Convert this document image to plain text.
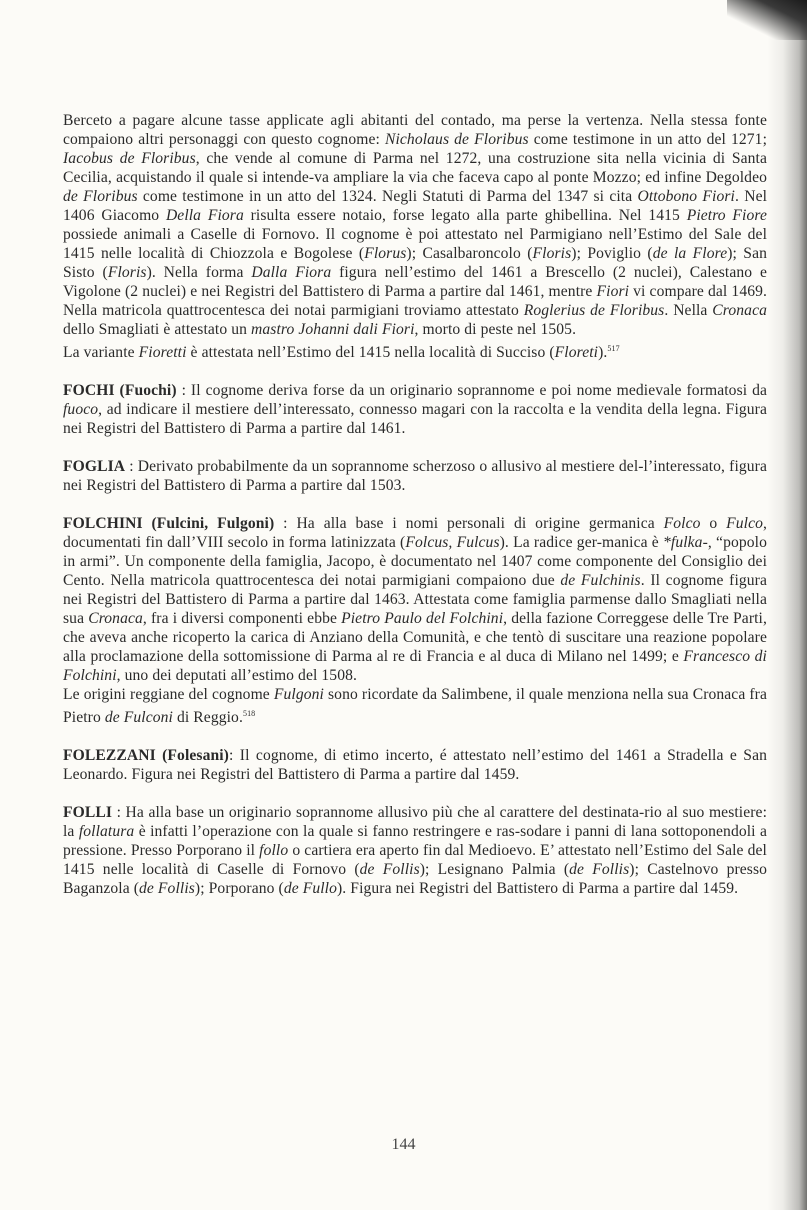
Berceto a pagare alcune tasse applicate agli abitanti del contado, ma perse la vertenza. Nella stessa fonte compaiono altri personaggi con questo cognome: Nicholaus de Floribus come testimone in un atto del 1271; Iacobus de Floribus, che vende al comune di Parma nel 1272, una costruzione sita nella vicinia di Santa Cecilia, acquistando il quale si intende-va ampliare la via che faceva capo al ponte Mozzo; ed infine Degoldeo de Floribus come testimone in un atto del 1324. Negli Statuti di Parma del 1347 si cita Ottobono Fiori. Nel 1406 Giacomo Della Fiora risulta essere notaio, forse legato alla parte ghibellina. Nel 1415 Pietro Fiore possiede animali a Caselle di Fornovo. Il cognome è poi attestato nel Parmigiano nell’Estimo del Sale del 1415 nelle località di Chiozzola e Bogolese (Florus); Casalbaroncolo (Floris); Poviglio (de la Flore); San Sisto (Floris). Nella forma Dalla Fiora figura nell’estimo del 1461 a Brescello (2 nuclei), Calestano e Vigolone (2 nuclei) e nei Registri del Battistero di Parma a partire dal 1461, mentre Fiori vi compare dal 1469. Nella matricola quattrocentesca dei notai parmigiani troviamo attestato Roglerius de Floribus. Nella Cronaca dello Smagliati è attestato un mastro Johanni dali Fiori, morto di peste nel 1505.

La variante Fioretti è attestata nell’Estimo del 1415 nella località di Succiso (Floreti).$^{517}$

FOCHI (Fuochi) : Il cognome deriva forse da un originario soprannome e poi nome medievale formatosi da fuoco, ad indicare il mestiere dell’interessato, connesso magari con la raccolta e la vendita della legna. Figura nei Registri del Battistero di Parma a partire dal 1461.

FOGLIA : Derivato probabilmente da un soprannome scherzoso o allusivo al mestiere del-l’interessato, figura nei Registri del Battistero di Parma a partire dal 1503.

FOLCHINI (Fulcini, Fulgoni) : Ha alla base i nomi personali di origine germanica Folco o Fulco, documentati fin dall’VIII secolo in forma latinizzata (Folcus, Fulcus). La radice ger-manica è *fulka-, “popolo in armi”. Un componente della famiglia, Jacopo, è documentato nel 1407 come componente del Consiglio dei Cento. Nella matricola quattrocentesca dei notai parmigiani compaiono due de Fulchinis. Il cognome figura nei Registri del Battistero di Parma a partire dal 1463. Attestata come famiglia parmense dallo Smagliati nella sua Cronaca, fra i diversi componenti ebbe Pietro Paulo del Folchini, della fazione Correggese delle Tre Parti, che aveva anche ricoperto la carica di Anziano della Comunità, e che tentò di suscitare una reazione popolare alla proclamazione della sottomissione di Parma al re di Francia e al duca di Milano nel 1499; e Francesco di Folchini, uno dei deputati all’estimo del 1508.

Le origini reggiane del cognome Fulgoni sono ricordate da Salimbene, il quale menziona nella sua Cronaca fra Pietro de Fulconi di Reggio.$^{518}$

FOLEZZANI (Folesani): Il cognome, di etimo incerto, é attestato nell’estimo del 1461 a Stradella e San Leonardo. Figura nei Registri del Battistero di Parma a partire dal 1459.

FOLLI : Ha alla base un originario soprannome allusivo più che al carattere del destinata-rio al suo mestiere: la follatura è infatti l’operazione con la quale si fanno restringere e ras-sodare i panni di lana sottoponendoli a pressione. Presso Porporano il follo o cartiera era aperto fin dal Medioevo. E’ attestato nell’Estimo del Sale del 1415 nelle località di Caselle di Fornovo (de Follis); Lesignano Palmia (de Follis); Castelnovo presso Baganzola (de Follis); Porporano (de Fullo). Figura nei Registri del Battistero di Parma a partire dal 1459.

144
